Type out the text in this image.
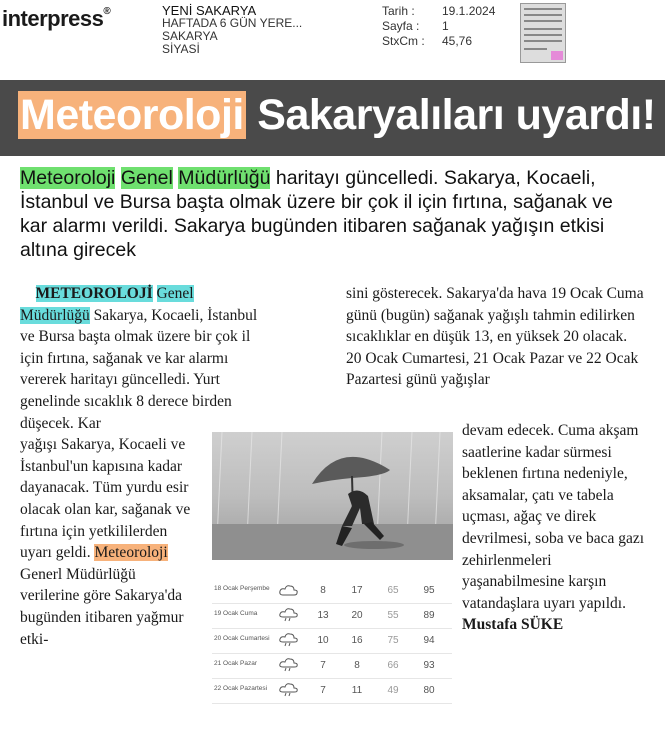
interpress®	YENİ SAKARYA
HAFTADA 6 GÜN YERE...
SAKARYA
SİYASİ
Tarih :	19.1.2024
Sayfa :	1
StxCm :	45,76
Meteoroloji Sakaryalıları uyardı!
Meteoroloji Genel Müdürlüğü haritayı güncelledi. Sakarya, Kocaeli, İstanbul ve Bursa başta olmak üzere bir çok il için fırtına, sağanak ve kar alarmı verildi. Sakarya bugünden itibaren sağanak yağışın etkisi altına girecek

METEOROLOJİ Genel Müdürlüğü Sakarya, Kocaeli, İstanbul ve Bursa başta olmak üzere bir çok il için fırtına, sağanak ve kar alarmı vererek haritayı güncelledi. Yurt genelinde sıcaklık 8 derece birden düşecek. Kar

yağışı Sakarya, Kocaeli ve İstanbul'un kapısına kadar dayanacak. Tüm yurdu esir olacak olan kar, sağanak ve fırtına için yetkililerden uyarı geldi. Meteoroloji Generl Müdürlüğü verilerine göre Sakarya'da bugünden itibaren yağmur etki-

sini gösterecek. Sakarya'da hava 19 Ocak Cuma günü (bugün) sağanak yağışlı tahmin edilirken sıcaklıklar en düşük 13, en yüksek 20 olacak. 20 Ocak Cumartesi, 21 Ocak Pazar ve 22 Ocak Pazartesi günü yağışlar

devam edecek. Cuma akşam saatlerine kadar sürmesi beklenen fırtına nedeniyle, aksamalar, çatı ve tabela uçması, ağaç ve direk devrilmesi, soba ve baca gazı zehirlenmeleri yaşanabilmesine karşın vatandaşlara uyarı yapıldı.

Mustafa SÜKE

18 Ocak Perşembe	8	17	65	95
19 Ocak Cuma	13	20	55	89
20 Ocak Cumartesi	10	16	75	94
21 Ocak Pazar	7	8	66	93
22 Ocak Pazartesi	7	11	49	80
